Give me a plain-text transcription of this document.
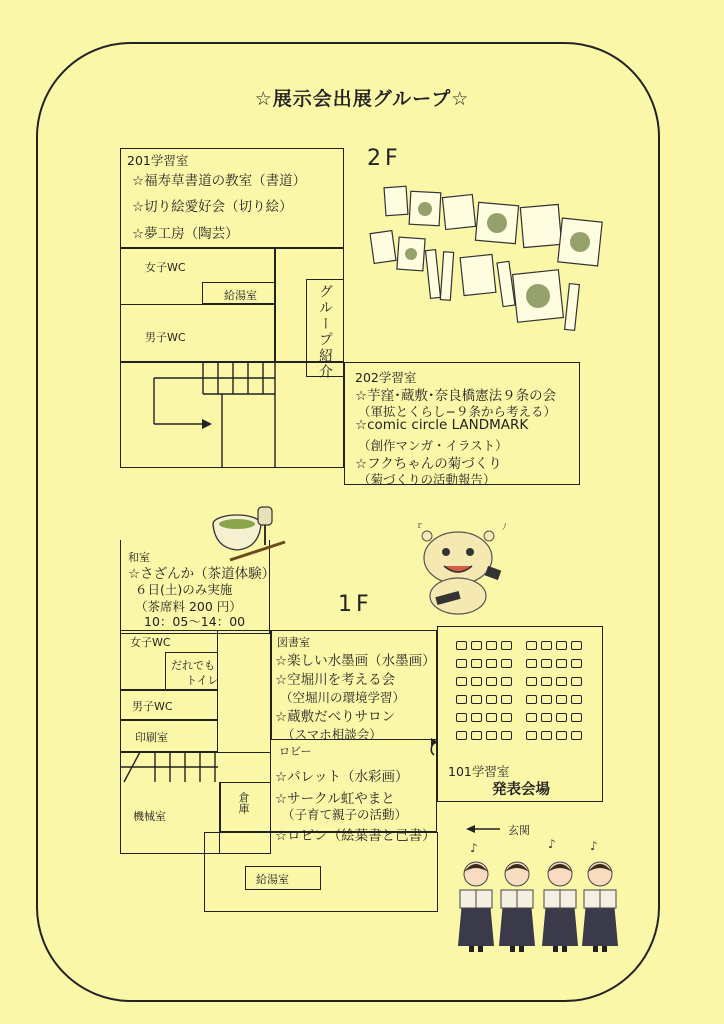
☆展示会出展グループ☆
2F
201学習室
☆福寿草書道の教室（書道）
☆切り絵愛好会（切り絵）
☆夢工房（陶芸）
女子WC
給湯室
男子WC	グループ紹介 202学習室
☆芋窪･蔵敷･奈良橋憲法９条の会
（軍拡とくらし−９条から考える）
☆comic circle LANDMARK
（創作マンガ・イラスト）
☆フクちゃんの菊づくり
（菊づくりの活動報告）
1F
和室
☆さざんか（茶道体験）
６日(土)のみ実施
（茶席料 200 円）
10：05〜14：00
女子WC
だれでも
トイレ
男子WC
印刷室
機械室
倉庫
図書室
☆楽しい水墨画（水墨画）
☆空堀川を考える会
（空堀川の環境学習）
☆蔵敷だべりサロン
（スマホ相談会）
ロビー
☆パレット（水彩画）
☆サークル虹やまと
（子育て親子の活動）
☆ロビン（絵葉書と己書）
給湯室
101学習室
発表会場
玄関
ｒ	ﾉ
♪	♪	♪
